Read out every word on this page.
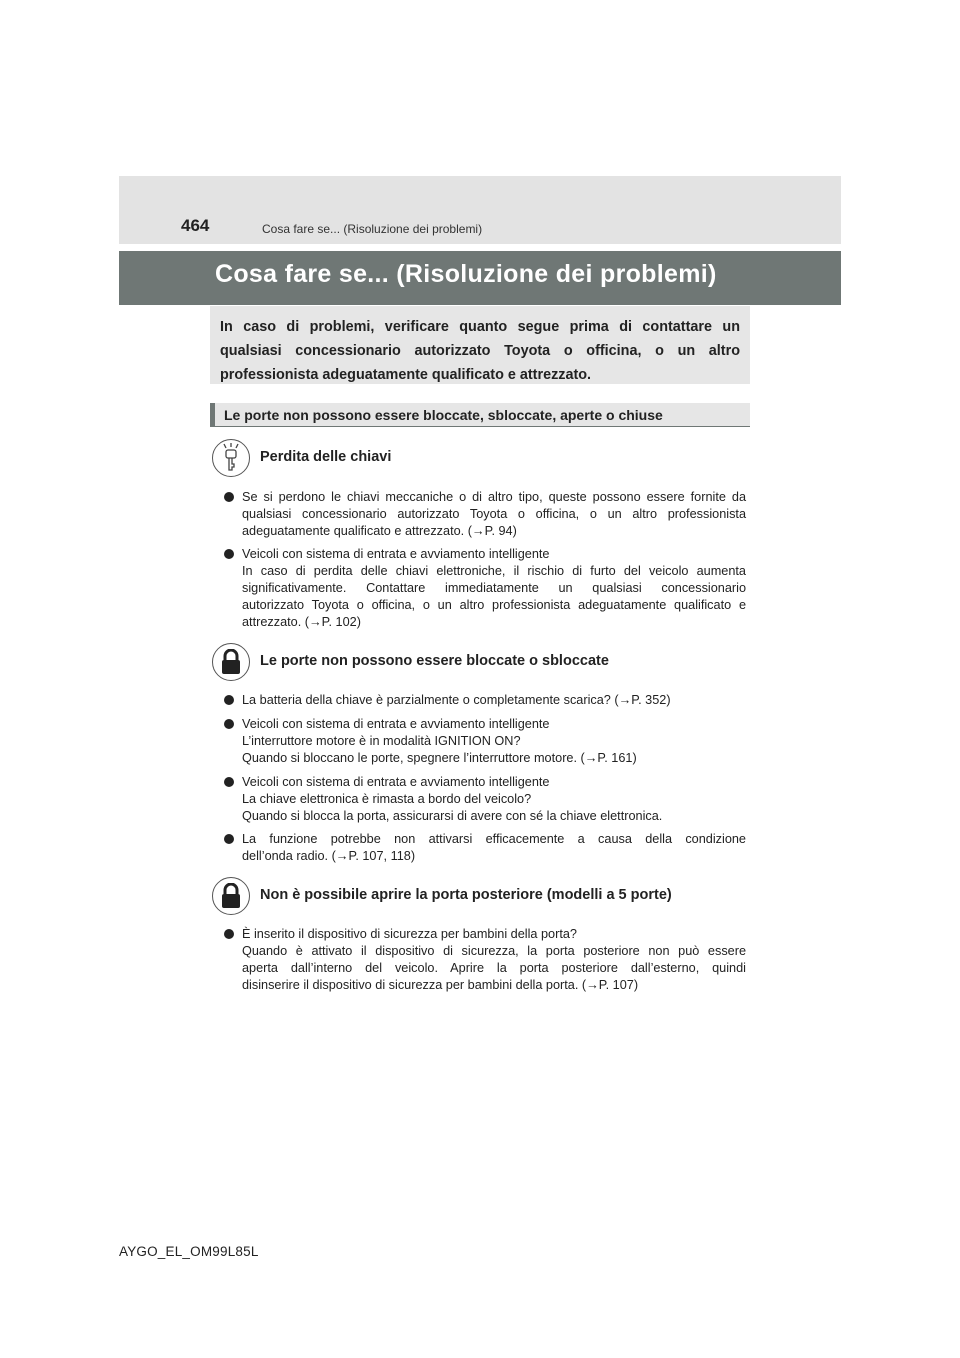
464	Cosa fare se... (Risoluzione dei problemi)
Cosa fare se... (Risoluzione dei problemi)
In caso di problemi, verificare quanto segue prima di contattare un
qualsiasi concessionario autorizzato Toyota o officina, o un altro
professionista adeguatamente qualificato e attrezzato.
Le porte non possono essere bloccate, sbloccate, aperte o chiuse
Perdita delle chiavi
Se si perdono le chiavi meccaniche o di altro tipo, queste possono essere fornite da
qualsiasi concessionario autorizzato Toyota o officina, o un altro professionista
adeguatamente qualificato e attrezzato. (→P. 94)
Veicoli con sistema di entrata e avviamento intelligente
In caso di perdita delle chiavi elettroniche, il rischio di furto del veicolo aumenta
significativamente. Contattare immediatamente un qualsiasi concessionario
autorizzato Toyota o officina, o un altro professionista adeguatamente qualificato e
attrezzato. (→P. 102)
Le porte non possono essere bloccate o sbloccate
La batteria della chiave è parzialmente o completamente scarica? (→P. 352)
Veicoli con sistema di entrata e avviamento intelligente
L’interruttore motore è in modalità IGNITION ON?
Quando si bloccano le porte, spegnere l’interruttore motore. (→P. 161)
Veicoli con sistema di entrata e avviamento intelligente
La chiave elettronica è rimasta a bordo del veicolo?
Quando si blocca la porta, assicurarsi di avere con sé la chiave elettronica.
La funzione potrebbe non attivarsi efficacemente a causa della condizione
dell’onda radio. (→P. 107, 118)
Non è possibile aprire la porta posteriore (modelli a 5 porte)
È inserito il dispositivo di sicurezza per bambini della porta?
Quando è attivato il dispositivo di sicurezza, la porta posteriore non può essere
aperta dall’interno del veicolo. Aprire la porta posteriore dall’esterno, quindi
disinserire il dispositivo di sicurezza per bambini della porta. (→P. 107)
AYGO_EL_OM99L85L
